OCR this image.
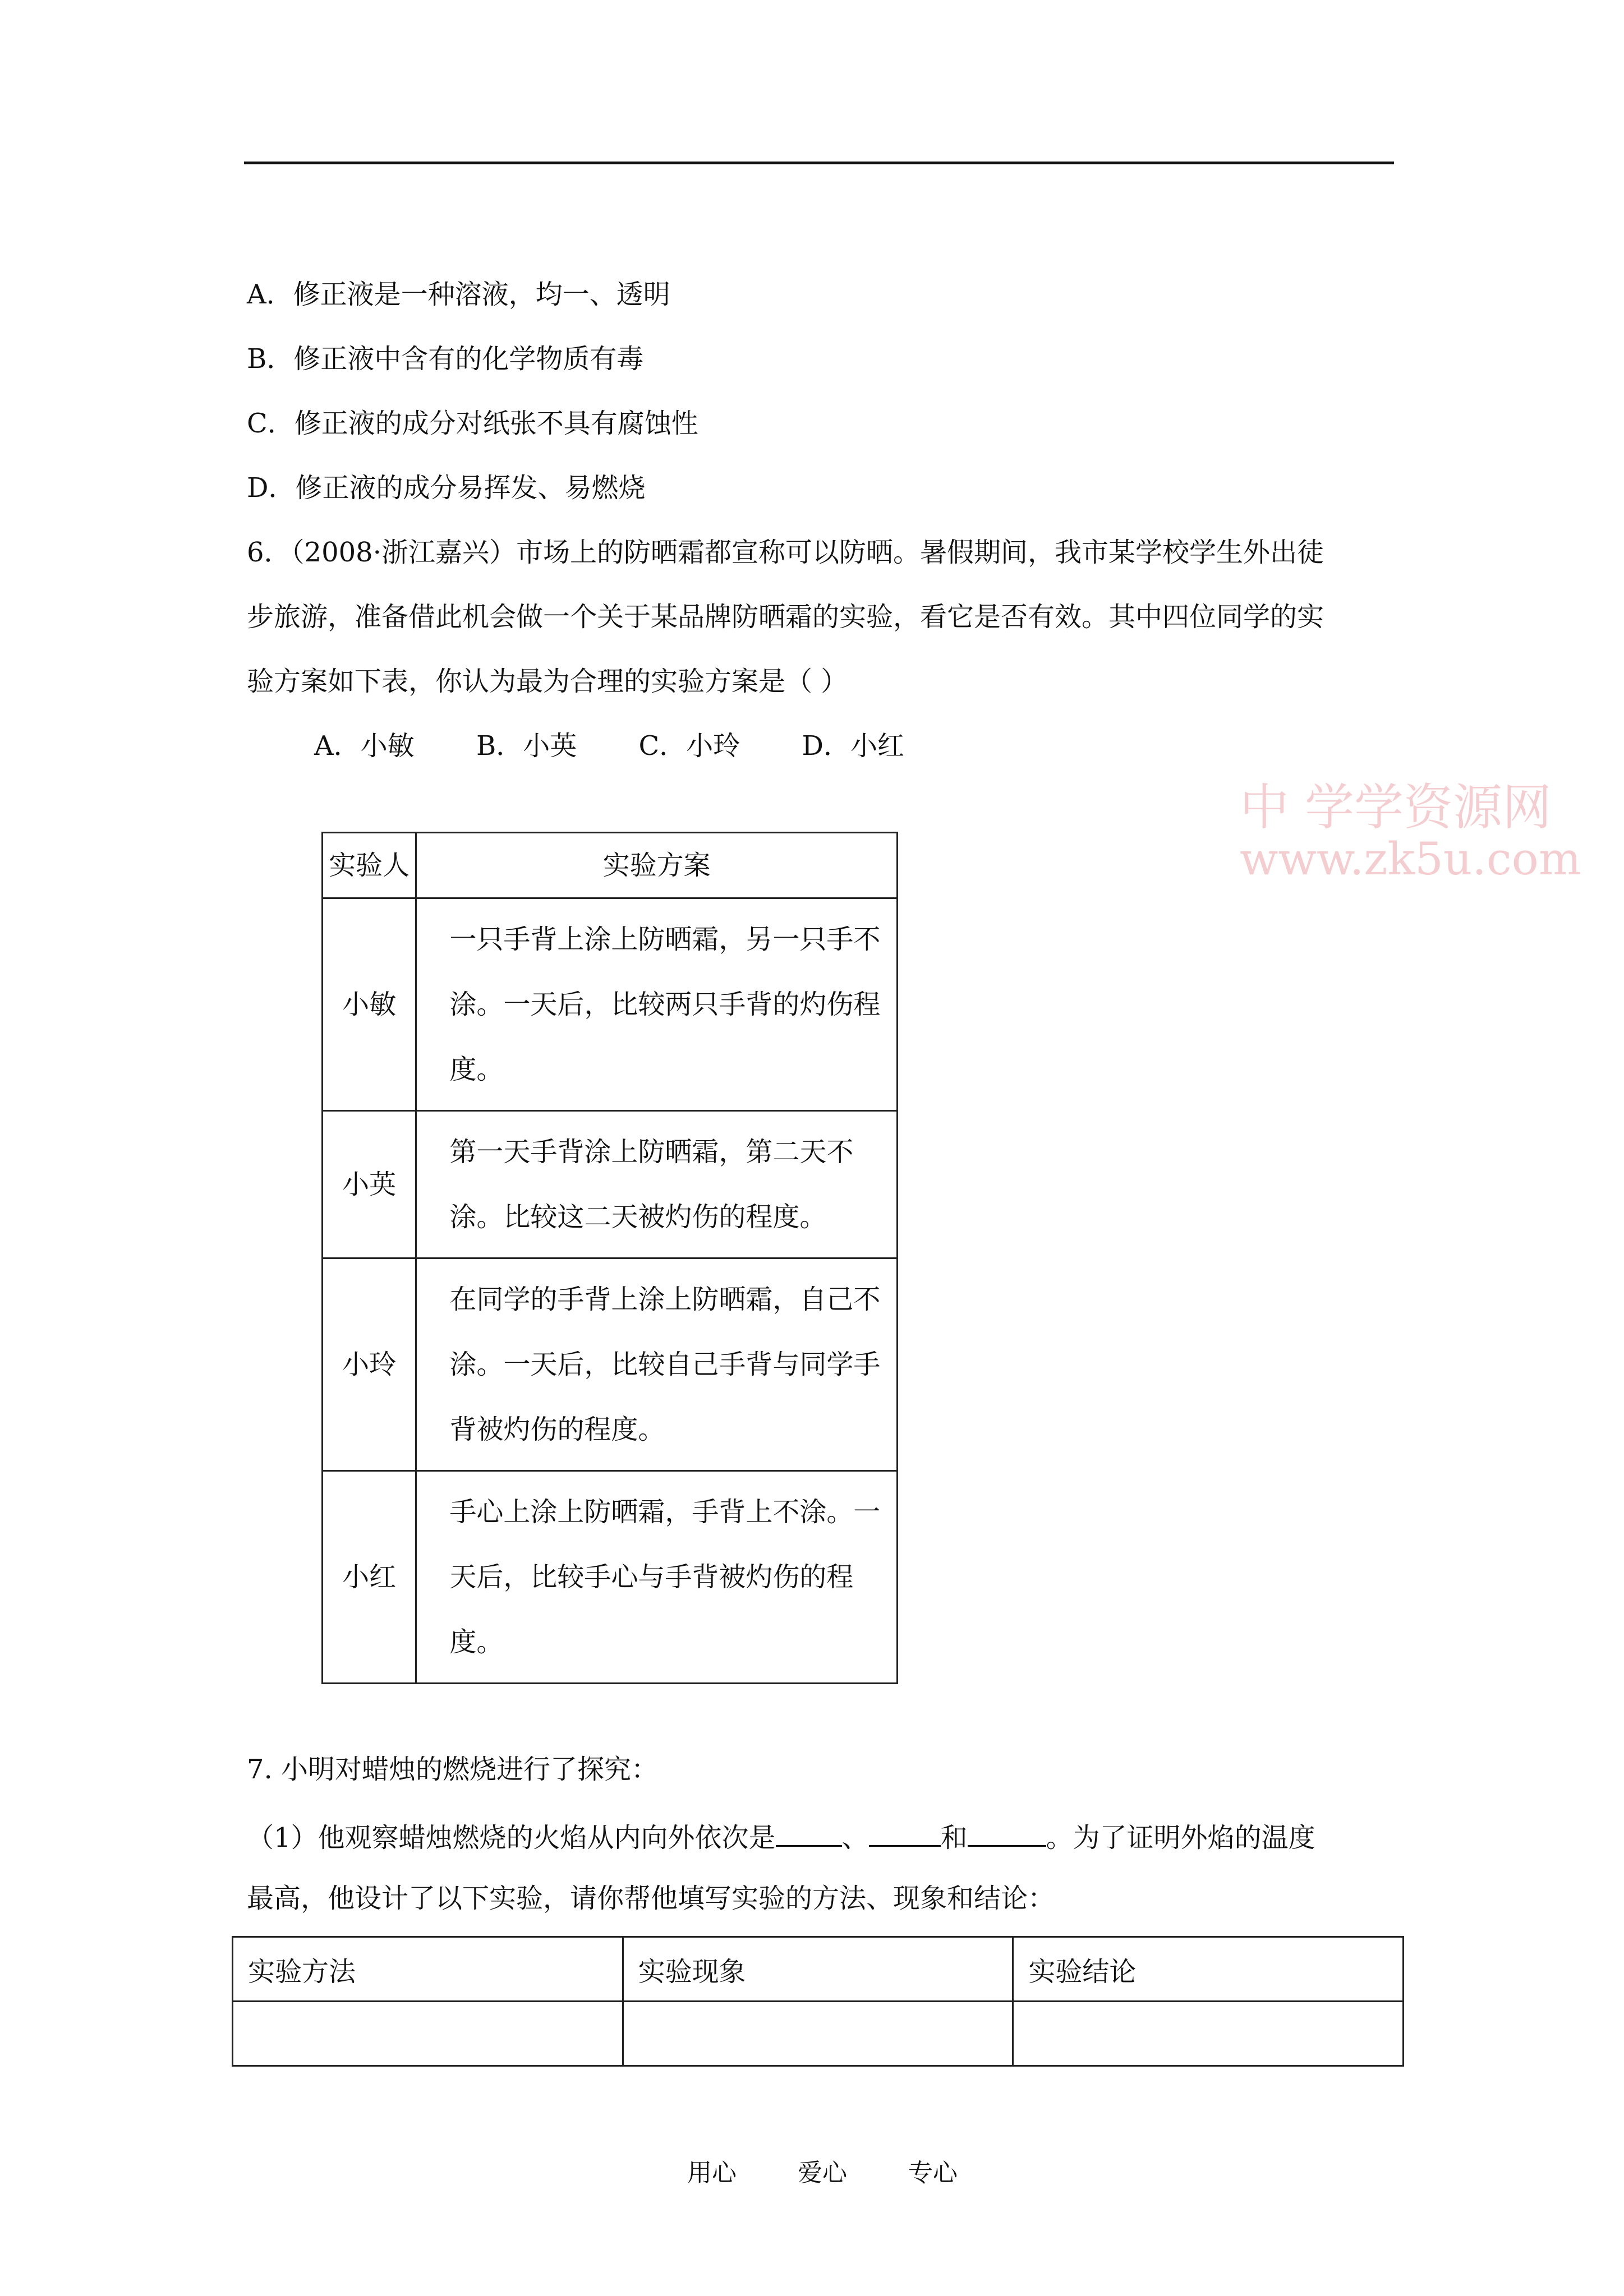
A．修正液是一种溶液，均一、透明
B．修正液中含有的化学物质有毒
C．修正液的成分对纸张不具有腐蚀性
D．修正液的成分易挥发、易燃烧
6．（2008·浙江嘉兴）市场上的防晒霜都宣称可以防晒。暑假期间，我市某学校学生外出徒
步旅游，准备借此机会做一个关于某品牌防晒霜的实验，看它是否有效。其中四位同学的实
验方案如下表，你认为最为合理的实验方案是（ ）
A．小敏 B．小英 C．小玲 D．小红
中 学学资源网
www.zk5u.com
实验人	实验方案
小敏	一只手背上涂上防晒霜，另一只手不涂。一天后，比较两只手背的灼伤程度。
小英	第一天手背涂上防晒霜，第二天不涂。比较这二天被灼伤的程度。
小玲	在同学的手背上涂上防晒霜，自己不涂。一天后，比较自己手背与同学手背被灼伤的程度。
小红	手心上涂上防晒霜，手背上不涂。一天后，比较手心与手背被灼伤的程度。
7. 小明对蜡烛的燃烧进行了探究：
（1）他观察蜡烛燃烧的火焰从内向外依次是 、	和	。为了证明外焰的温度
最高，他设计了以下实验，请你帮他填写实验的方法、现象和结论：
实验方法	实验现象	实验结论

用心 爱心 专心
